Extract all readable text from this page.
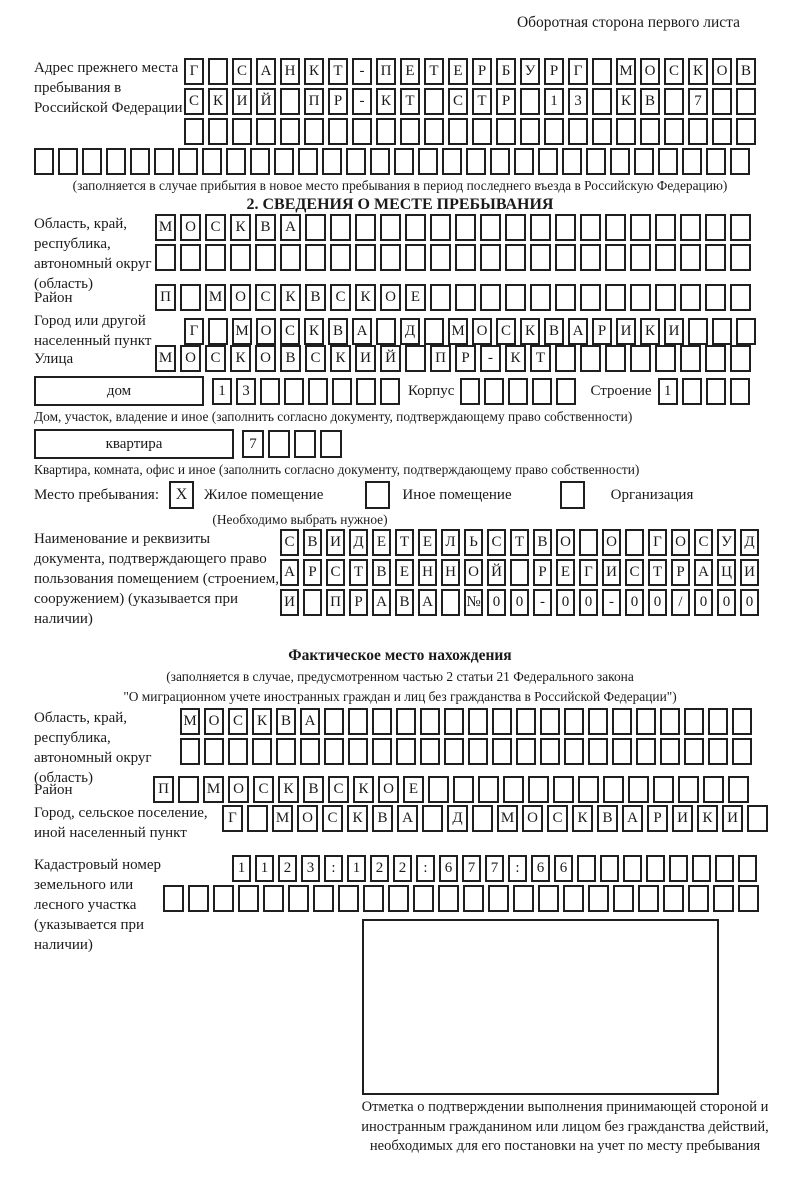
Оборотная сторона первого листа
Адрес прежнего места пребывания в Российской Федерации
Г	С А Н К Т	-	П Е Т Е	Р	Б У Р	Г	М О С К О В
С К И Й	П Р	-	К Т	С Т	Р	1	3	К В	7
(заполняется в случае прибытия в новое место пребывания в период последнего въезда в Российскую Федерацию)
2. СВЕДЕНИЯ О МЕСТЕ ПРЕБЫВАНИЯ
Область, край, республика, автономный округ (область)
М О С К В А
Район	П	М О С К В С К О Е
Город или другой населенный пункт
Г	М О С К В А	Д	М О С К В А Р И К И
Улица	М О С К О В С К И Й	П	Р	-	К	Т
дом	1	3	Корпус	Строение 1
Дом, участок, владение и иное (заполнить согласно документу, подтверждающему право собственности)
квартира	7
Квартира, комната, офис и иное (заполнить согласно документу, подтверждающему право собственности)
Место пребывания:	X	Жилое помещение	Иное помещение	Организация
(Необходимо выбрать нужное)
Наименование и реквизиты документа, подтверждающего право пользования помещением (строением, сооружением) (указывается при наличии)
С В И Д Е Т Е Л Ь С Т В О О	Г О С У Д
А Р С Т В Е Н Н О Й	Р Е Г И С Т Р А Ц И
И П Р А В А № 0	0	-	0	0	-	0	0	/	0	0	0
Фактическое место нахождения
(заполняется в случае, предусмотренном частью 2 статьи 21 Федерального закона
"О миграционном учете иностранных граждан и лиц без гражданства в Российской Федерации")
Область, край, республика, автономный округ (область)
М О С К В А
Район	П	М О С К В С К О Е
Город, сельское поселение, иной населенный пункт
Г	М О С К В А	Д	М О С К В А	Р	И К И
Кадастровый номер земельного или лесного участка (указывается при наличии)
1	1	2	3	:	1	2	2	:	6	7	7	:	6	6
Отметка о подтверждении выполнения принимающей стороной и иностранным гражданином или лицом без гражданства действий, необходимых для его постановки на учет по месту пребывания
